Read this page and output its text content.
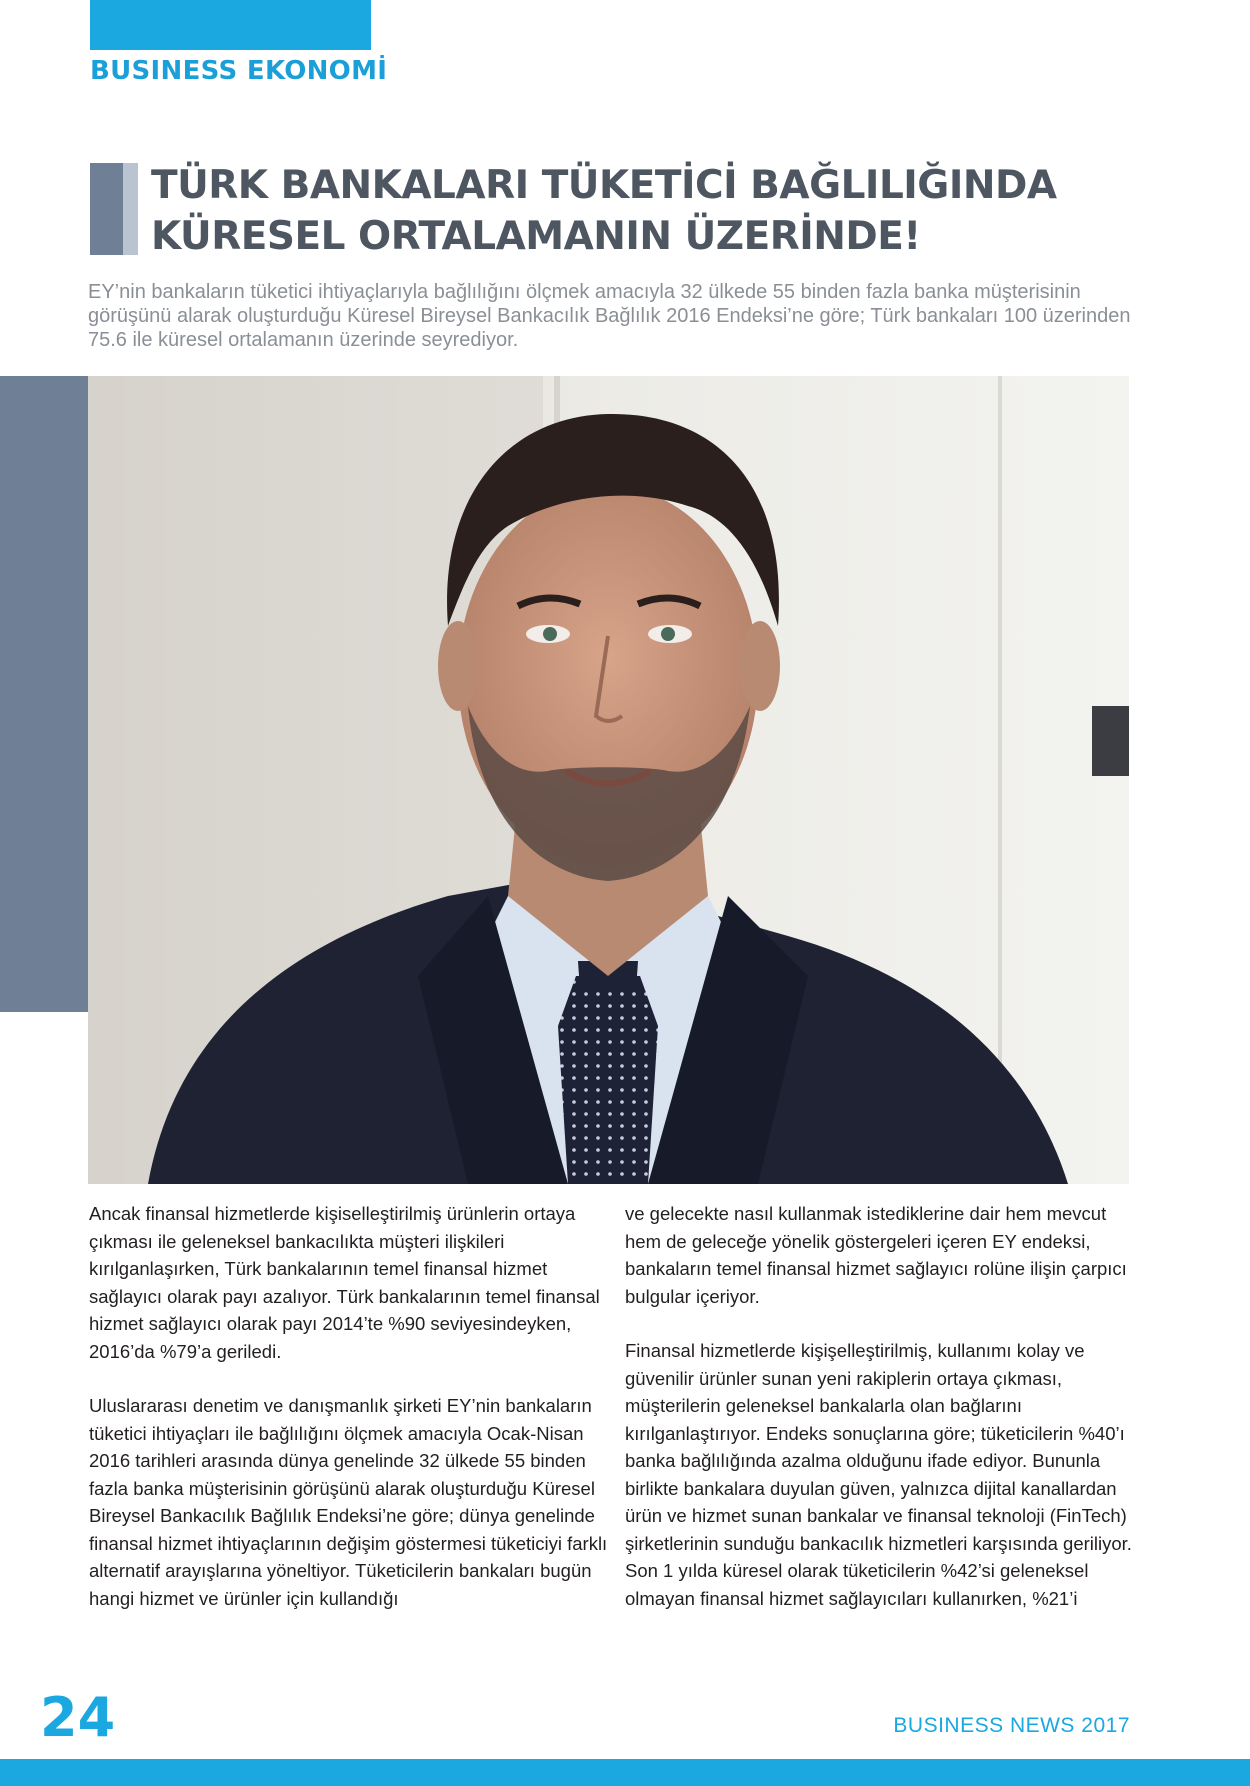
BUSINESS EKONOMİ
TÜRK BANKALARI TÜKETİCİ BAĞLILIĞINDA
KÜRESEL ORTALAMANIN ÜZERİNDE!

EY’nin bankaların tüketici ihtiyaçlarıyla bağlılığını ölçmek amacıyla 32 ülkede 55 binden fazla banka müşterisinin görüşünü alarak oluşturduğu Küresel Bireysel Bankacılık Bağlılık 2016 Endeksi’ne göre; Türk bankaları 100 üzerinden 75.6 ile küresel ortalamanın üzerinde seyrediyor.

Ancak finansal hizmetlerde kişiselleştirilmiş ürünlerin ortaya çıkması ile geleneksel bankacılıkta müşteri ilişkileri kırılganlaşırken, Türk bankalarının temel finansal hizmet sağlayıcı olarak payı azalıyor. Türk bankalarının temel finansal hizmet sağlayıcı olarak payı 2014’te %90 seviyesindeyken, 2016’da %79’a geriledi.

Uluslararası denetim ve danışmanlık şirketi EY’nin bankaların tüketici ihtiyaçları ile bağlılığını ölçmek amacıyla Ocak-Nisan 2016 tarihleri arasında dünya genelinde 32 ülkede 55 binden fazla banka müşterisinin görüşünü alarak oluşturduğu Küresel Bireysel Bankacılık Bağlılık Endeksi’ne göre; dünya genelinde finansal hizmet ihtiyaçlarının değişim göstermesi tüketiciyi farklı alternatif arayışlarına yöneltiyor. Tüketicilerin bankaları bugün hangi hizmet ve ürünler için kullandığı

ve gelecekte nasıl kullanmak istediklerine dair hem mevcut hem de geleceğe yönelik göstergeleri içeren EY endeksi, bankaların temel finansal hizmet sağlayıcı rolüne ilişin çarpıcı bulgular içeriyor.

Finansal hizmetlerde kişişelleştirilmiş, kullanımı kolay ve güvenilir ürünler sunan yeni rakiplerin ortaya çıkması, müşterilerin geleneksel bankalarla olan bağlarını kırılganlaştırıyor. Endeks sonuçlarına göre; tüketicilerin %40’ı banka bağlılığında azalma olduğunu ifade ediyor. Bununla birlikte bankalara duyulan güven, yalnızca dijital kanallardan ürün ve hizmet sunan bankalar ve finansal teknoloji (FinTech) şirketlerinin sunduğu bankacılık hizmetleri karşısında geriliyor. Son 1 yılda küresel olarak tüketicilerin %42’si geleneksel olmayan finansal hizmet sağlayıcıları kullanırken, %21’i

24	BUSINESS NEWS 2017
